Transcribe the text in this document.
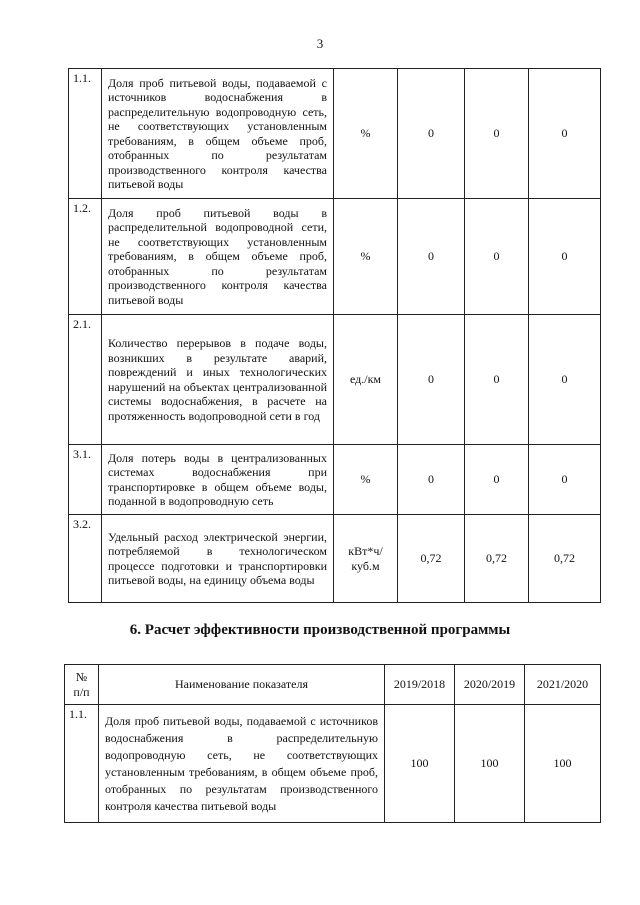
3
1.1.	Доля проб питьевой воды, подаваемой с источников водоснабжения в распределительную водопроводную сеть, не соответствующих установленным требованиям, в общем объеме проб, отобранных по результатам производственного контроля качества питьевой воды	%	0	0	0
1.2.	Доля проб питьевой воды в распределительной водопроводной сети, не соответствующих установленным требованиям, в общем объеме проб, отобранных по результатам производственного контроля качества питьевой воды	%	0	0	0
2.1.	Количество перерывов в подаче воды, возникших в результате аварий, повреждений и иных технологических нарушений на объектах централизованной системы водоснабжения, в расчете на протяженность водопроводной сети в год	ед./км	0	0	0
3.1.	Доля потерь воды в централизованных системах водоснабжения при транспортировке в общем объеме воды, поданной в водопроводную сеть	%	0	0	0
3.2.	Удельный расход электрической энергии, потребляемой в технологическом процессе подготовки и транспортировки питьевой воды, на единицу объема воды	кВт*ч/куб.м	0,72	0,72	0,72
6. Расчет эффективности производственной программы
№ п/п	Наименование показателя	2019/2018	2020/2019	2021/2020
1.1.	Доля проб питьевой воды, подаваемой с источников водоснабжения в распределительную водопроводную сеть, не соответствующих установленным требованиям, в общем объеме проб, отобранных по результатам производственного контроля качества питьевой воды	100	100	100
